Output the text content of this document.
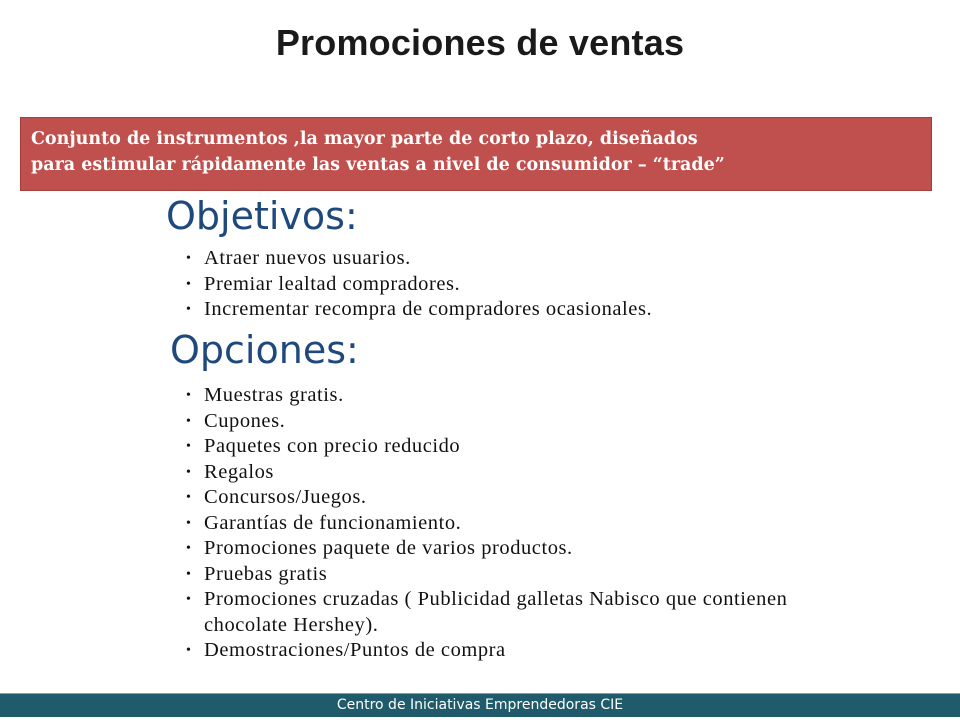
Promociones de ventas
Conjunto de instrumentos ,la mayor parte de corto plazo, diseñados
para estimular rápidamente las ventas a nivel de consumidor – “trade”
Objetivos:
• Atraer nuevos usuarios.
• Premiar lealtad compradores.
• Incrementar recompra de compradores ocasionales.
Opciones:
• Muestras gratis.
• Cupones.
• Paquetes con precio reducido
• Regalos
• Concursos/Juegos.
• Garantías de funcionamiento.
• Promociones paquete de varios productos.
• Pruebas gratis
• Promociones cruzadas ( Publicidad galletas Nabisco que contienen
chocolate Hershey).
• Demostraciones/Puntos de compra
Centro de Iniciativas Emprendedoras CIE
